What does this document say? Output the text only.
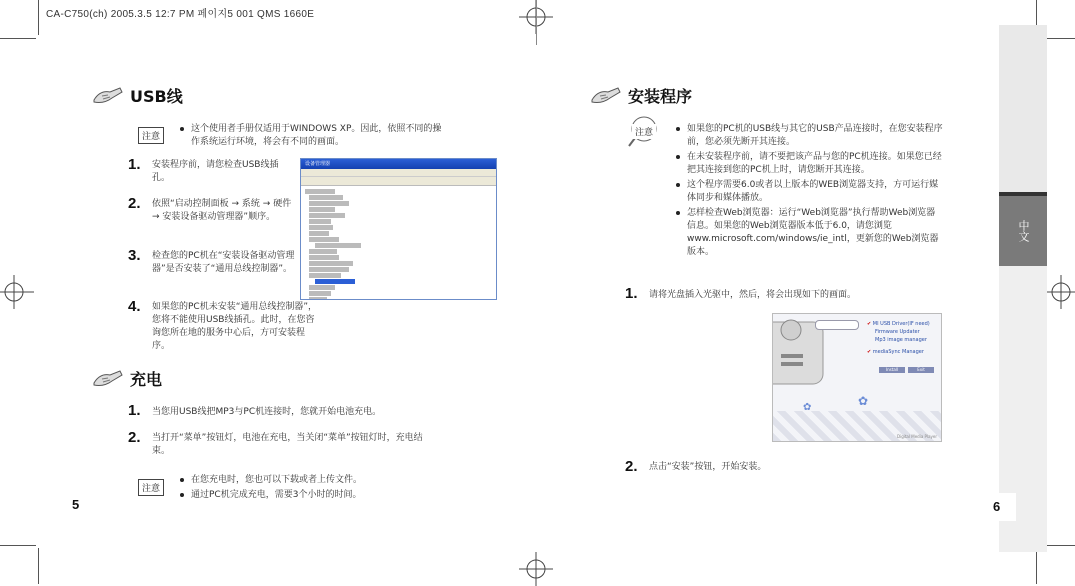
CA-C750(ch) 2005.3.5 12:7 PM 페이지5 001 QMS 1660E
USB线
注意
这个使用者手册仅适用于WINDOWS XP。因此，依照不同的操作系统运行环境，将会有不同的画面。
1. 安装程序前，请您检查USB线插孔。
2. 依照“启动控制面板 → 系统 → 硬件 → 安装设备驱动管理器”顺序。
3. 检查您的PC机在“安装设备驱动管理器”是否安装了“通用总线控制器”。
4. 如果您的PC机未安装“通用总线控制器”，您将不能使用USB线插孔。此时，在您咨询您所在地的服务中心后，方可安装程序。
设备管理器
充电
1. 当您用USB线把MP3与PC机连接时，您就开始电池充电。
2. 当打开“菜单”按钮灯，电池在充电，当关闭“菜单”按钮灯时，充电结束。
注意
在您充电时，您也可以下载或者上传文件。
通过PC机完成充电，需要3个小时的时间。
5
安装程序
注意	如果您的PC机的USB线与其它的USB产品连接时，在您安装程序前，您必须先断开其连接。
在未安装程序前，请不要把该产品与您的PC机连接。如果您已经把其连接到您的PC机上时，请您断开其连接。
这个程序需要6.0或者以上版本的WEB浏览器支持，方可运行媒体同步和媒体播放。
怎样检查Web浏览器：运行“Web浏览器”执行帮助Web浏览器信息。如果您的Web浏览器版本低于6.0，请您浏览www.microsoft.com/windows/ie_intl，更新您的Web浏览器版本。
1. 请将光盘插入光驱中，然后，将会出现如下的画面。
✔ MI USB Driver(IF need)
Firmware Updater
Mp3 image manager
✔ mediaSync Manager
Install	Exit
✿	✿
Digital Media Player
2. 点击“安装”按钮，开始安装。
中文
6
